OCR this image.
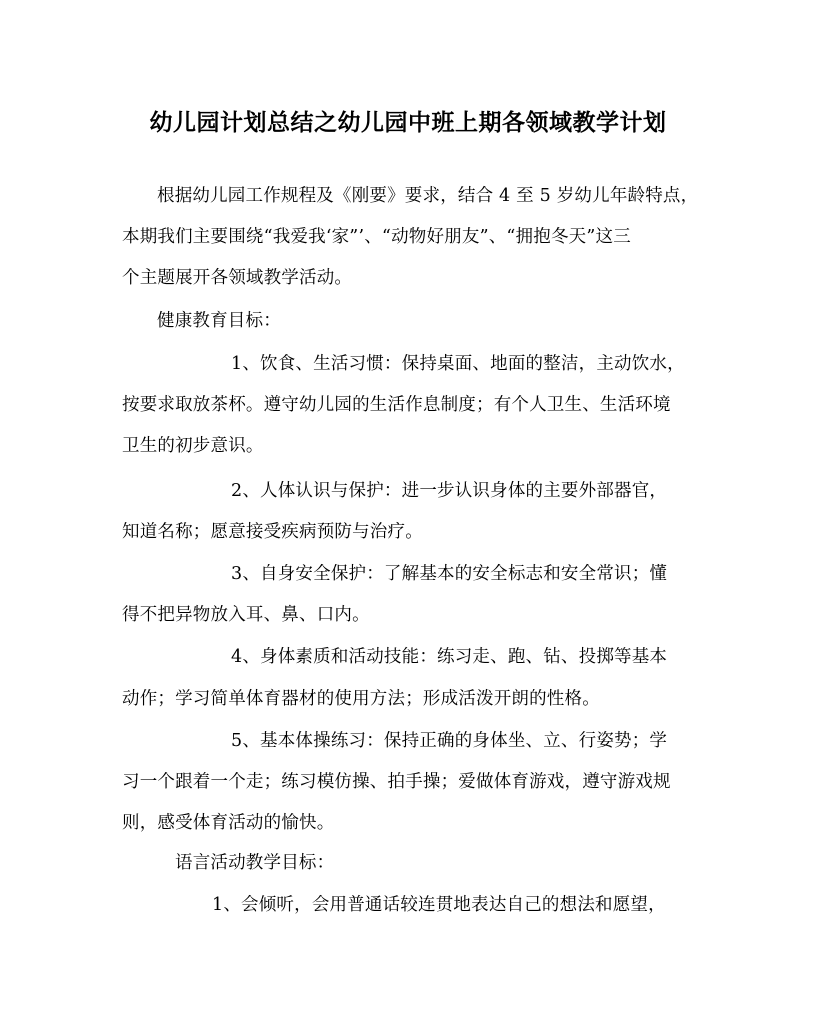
幼儿园计划总结之幼儿园中班上期各领域教学计划
根据幼儿园工作规程及《刚要》要求，结合 4 至 5 岁幼儿年龄特点，
本期我们主要围绕“我爱我‘家”’、“动物好朋友”、“拥抱冬天”这三
个主题展开各领域教学活动。
健康教育目标：
1、饮食、生活习惯：保持桌面、地面的整洁，主动饮水，
按要求取放茶杯。遵守幼儿园的生活作息制度；有个人卫生、生活环境
卫生的初步意识。
2、人体认识与保护：进一步认识身体的主要外部器官，
知道名称；愿意接受疾病预防与治疗。
3、自身安全保护：了解基本的安全标志和安全常识；懂
得不把异物放入耳、鼻、口内。
4、身体素质和活动技能：练习走、跑、钻、投掷等基本
动作；学习简单体育器材的使用方法；形成活泼开朗的性格。
5、基本体操练习：保持正确的身体坐、立、行姿势；学
习一个跟着一个走；练习模仿操、拍手操；爱做体育游戏，遵守游戏规
则，感受体育活动的愉快。
语言活动教学目标：
1、会倾听，会用普通话较连贯地表达自己的想法和愿望，
